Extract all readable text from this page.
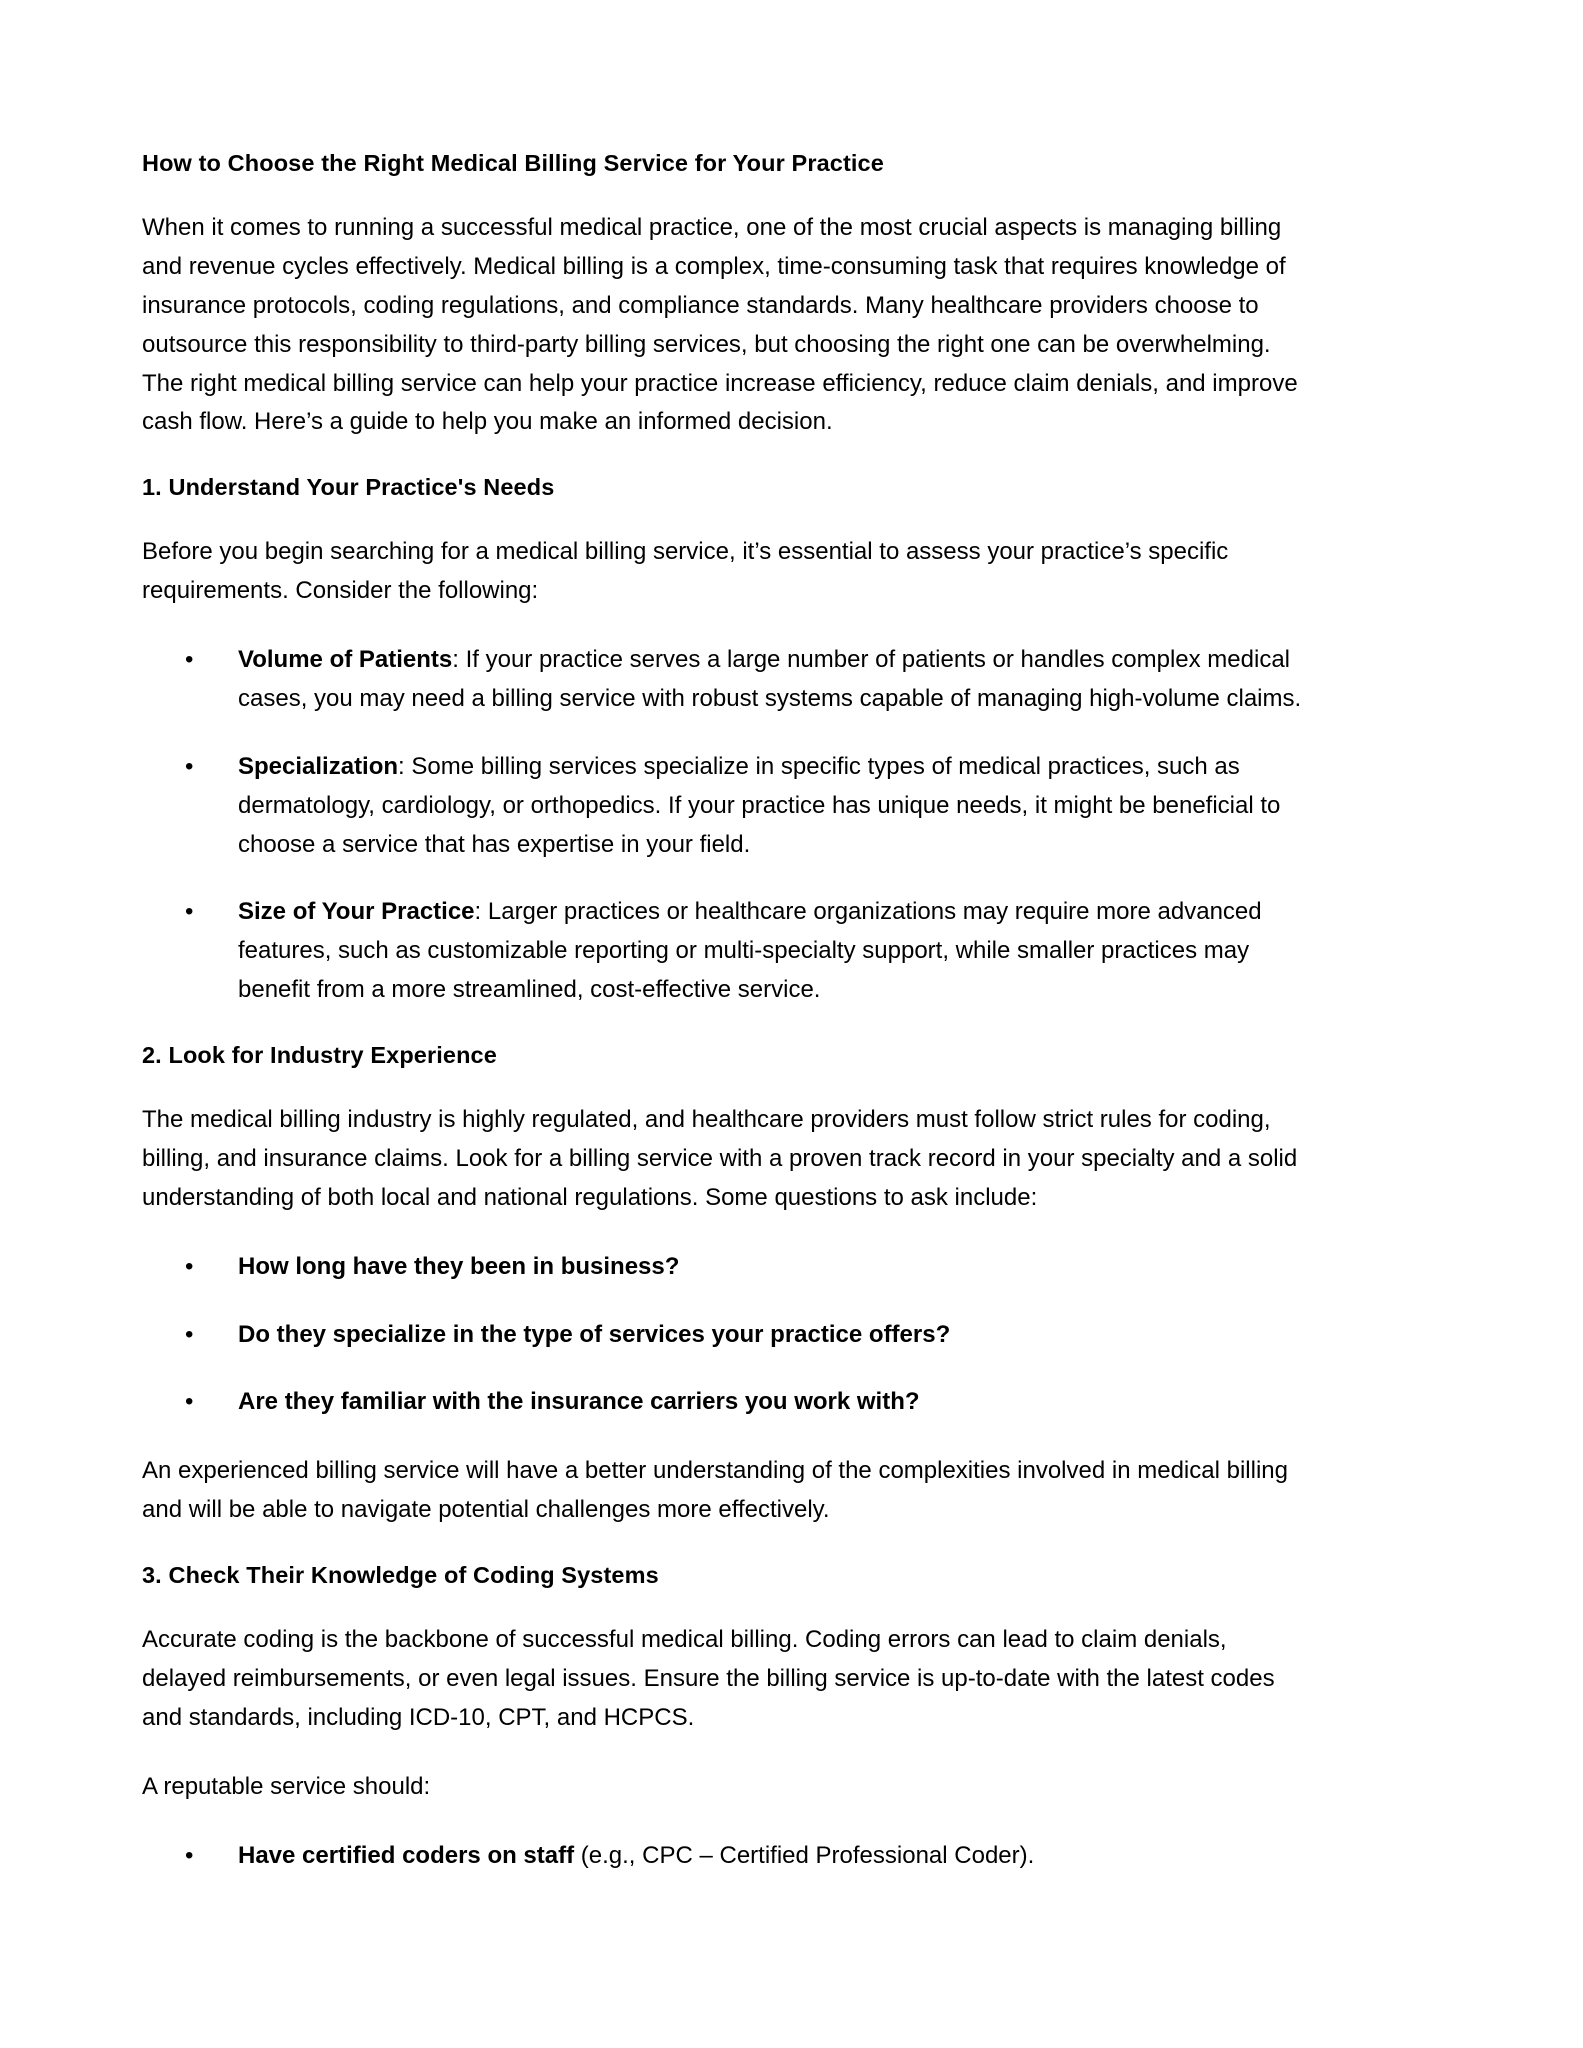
How to Choose the Right Medical Billing Service for Your Practice

When it comes to running a successful medical practice, one of the most crucial aspects is managing billing and revenue cycles effectively. Medical billing is a complex, time-consuming task that requires knowledge of insurance protocols, coding regulations, and compliance standards. Many healthcare providers choose to outsource this responsibility to third-party billing services, but choosing the right one can be overwhelming. The right medical billing service can help your practice increase efficiency, reduce claim denials, and improve cash flow. Here’s a guide to help you make an informed decision.

1. Understand Your Practice's Needs

Before you begin searching for a medical billing service, it’s essential to assess your practice’s specific requirements. Consider the following:

• Volume of Patients: If your practice serves a large number of patients or handles complex medical cases, you may need a billing service with robust systems capable of managing high-volume claims.
• Specialization: Some billing services specialize in specific types of medical practices, such as dermatology, cardiology, or orthopedics. If your practice has unique needs, it might be beneficial to choose a service that has expertise in your field.
• Size of Your Practice: Larger practices or healthcare organizations may require more advanced features, such as customizable reporting or multi-specialty support, while smaller practices may benefit from a more streamlined, cost-effective service.
2. Look for Industry Experience

The medical billing industry is highly regulated, and healthcare providers must follow strict rules for coding, billing, and insurance claims. Look for a billing service with a proven track record in your specialty and a solid understanding of both local and national regulations. Some questions to ask include:

• How long have they been in business?
• Do they specialize in the type of services your practice offers?
• Are they familiar with the insurance carriers you work with?

An experienced billing service will have a better understanding of the complexities involved in medical billing and will be able to navigate potential challenges more effectively.

3. Check Their Knowledge of Coding Systems

Accurate coding is the backbone of successful medical billing. Coding errors can lead to claim denials, delayed reimbursements, or even legal issues. Ensure the billing service is up-to-date with the latest codes and standards, including ICD-10, CPT, and HCPCS.

A reputable service should:

• Have certified coders on staff (e.g., CPC – Certified Professional Coder).
